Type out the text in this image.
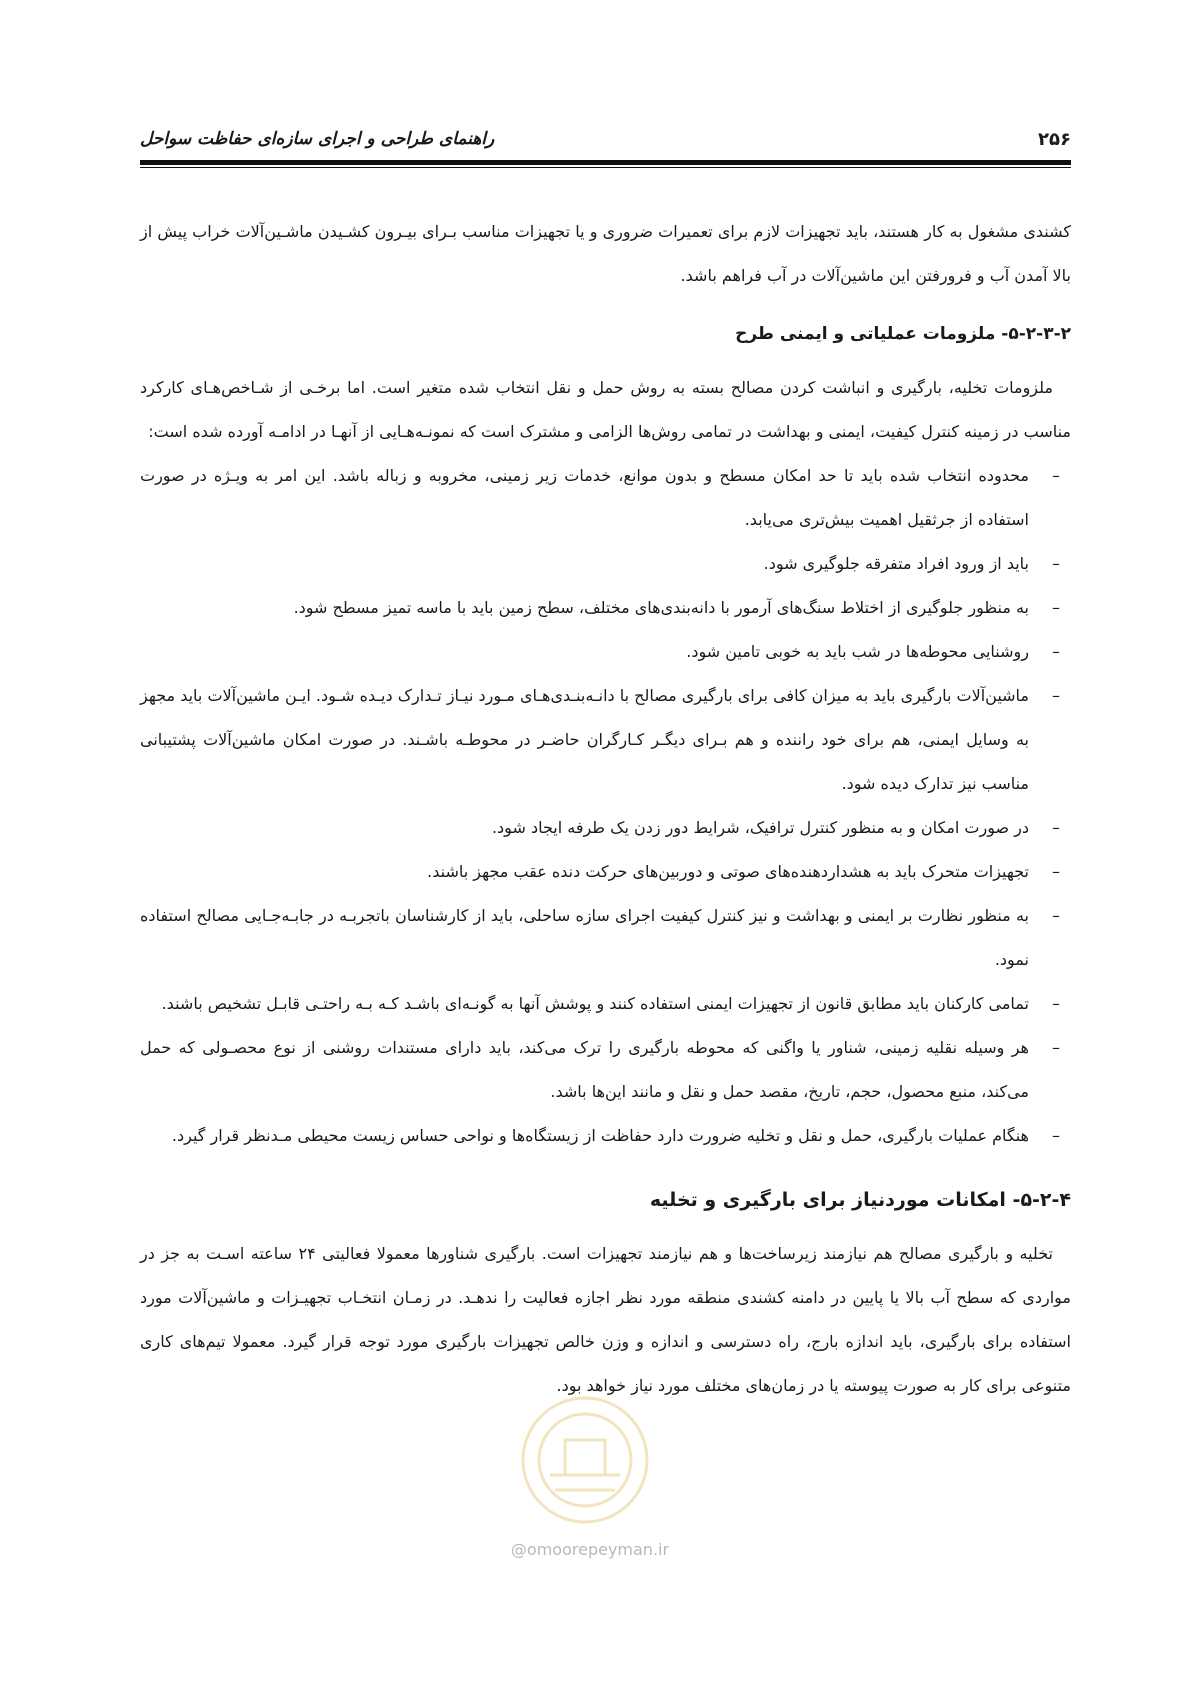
۲۵۶
راهنمای طراحی و اجرای سازه‌ای حفاظت سواحل

کشندی مشغول به کار هستند، باید تجهیزات لازم برای تعمیرات ضروری و یا تجهیزات مناسب بـرای بیـرون کشـیدن ماشـین‌آلات خراب پیش از بالا آمدن آب و فرورفتن این ماشین‌آلات در آب فراهم باشد.

۵-۲-۳-۲- ملزومات عملیاتی و ایمنی طرح

ملزومات تخلیه، بارگیری و انباشت کردن مصالح بسته به روش حمل و نقل انتخاب شده متغیر است. اما برخـی از شـاخص‌هـای کارکرد مناسب در زمینه کنترل کیفیت، ایمنی و بهداشت در تمامی روش‌ها الزامی و مشترک است که نمونـه‌هـایی از آنهـا در ادامـه آورده شده است:

–
محدوده انتخاب شده باید تا حد امکان مسطح و بدون موانع، خدمات زیر زمینی، مخروبه و زباله باشد. این امر به ویـژه در صورت استفاده از جرثقیل اهمیت بیش‌تری می‌یابد.
–
باید از ورود افراد متفرقه جلوگیری شود.
–
به منظور جلوگیری از اختلاط سنگ‌های آرمور با دانه‌بندی‌های مختلف، سطح زمین باید با ماسه تمیز مسطح شود.
–
روشنایی محوطه‌ها در شب باید به خوبی تامین شود.
–
ماشین‌آلات بارگیری باید به میزان کافی برای بارگیری مصالح با دانـه‌بنـدی‌هـای مـورد نیـاز تـدارک دیـده شـود. ایـن ماشین‌آلات باید مجهز به وسایل ایمنی، هم برای خود راننده و هم بـرای دیگـر کـارگران حاضـر در محوطـه باشـند. در صورت امکان ماشین‌آلات پشتیبانی مناسب نیز تدارک دیده شود.
–
در صورت امکان و به منظور کنترل ترافیک، شرایط دور زدن یک طرفه ایجاد شود.
–
تجهیزات متحرک باید به هشداردهنده‌های صوتی و دوربین‌های حرکت دنده عقب مجهز باشند.
–
به منظور نظارت بر ایمنی و بهداشت و نیز کنترل کیفیت اجرای سازه ساحلی، باید از کارشناسان باتجربـه در جابـه‌جـایی مصالح استفاده نمود.
–
تمامی کارکنان باید مطابق قانون از تجهیزات ایمنی استفاده کنند و پوشش آنها به گونـه‌ای باشـد کـه بـه راحتـی قابـل تشخیص باشند.
–
هر وسیله نقلیه زمینی، شناور یا واگنی که محوطه بارگیری را ترک می‌کند، باید دارای مستندات روشنی از نوع محصـولی که حمل می‌کند، منبع محصول، حجم، تاریخ، مقصد حمل و نقل و مانند این‌ها باشد.
–
هنگام عملیات بارگیری، حمل و نقل و تخلیه ضرورت دارد حفاظت از زیستگاه‌ها و نواحی حساس زیست محیطی مـدنظر قرار گیرد.
۵-۲-۴- امکانات موردنیاز برای بارگیری و تخلیه

تخلیه و بارگیری مصالح هم نیازمند زیرساخت‌ها و هم نیازمند تجهیزات است. بارگیری شناورها معمولا فعالیتی ۲۴ ساعته اسـت به جز در مواردی که سطح آب بالا یا پایین در دامنه کشندی منطقه مورد نظر اجازه فعالیت را ندهـد. در زمـان انتخـاب تجهیـزات و ماشین‌آلات مورد استفاده برای بارگیری، باید اندازه بارج، راه دسترسی و اندازه و وزن خالص تجهیزات بارگیری مورد توجه قرار گیرد. معمولا تیم‌های کاری متنوعی برای کار به صورت پیوسته یا در زمان‌های مختلف مورد نیاز خواهد بود.

@omoorepeyman.ir
